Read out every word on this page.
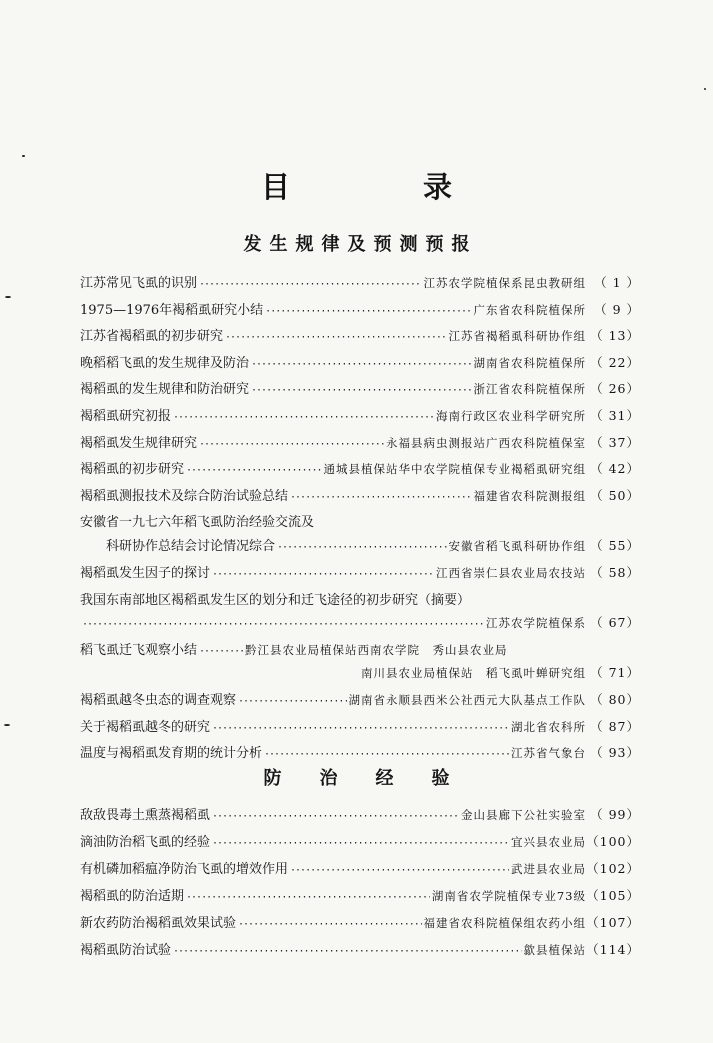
目　录
发生规律及预测预报
江苏常见飞虱的识别 ·····	江苏农学院植保系昆虫教研组 （ 1 ）
1975—1976年褐稻虱研究小结 ·····	广东省农科院植保所 （ 9 ）
江苏省褐稻虱的初步研究 ·····	江苏省褐稻虱科研协作组 （ 13）
晚稻稻飞虱的发生规律及防治 ·····	湖南省农科院植保所 （ 22）
褐稻虱的发生规律和防治研究 ·····	浙江省农科院植保所 （ 26）
褐稻虱研究初报 ·····	海南行政区农业科学研究所 （ 31）
褐稻虱发生规律研究 ·····	永福县病虫测报站广西农科院植保室 （ 37）
褐稻虱的初步研究 ·····	通城县植保站华中农学院植保专业褐稻虱研究组 （ 42）
褐稻虱测报技术及综合防治试验总结 ·····	福建省农科院测报组 （ 50）
安徽省一九七六年稻飞虱防治经验交流及
科研协作总结会讨论情况综合 ·····	安徽省稻飞虱科研协作组 （ 55）
褐稻虱发生因子的探讨 ·····	江西省崇仁县农业局农技站 （ 58）
我国东南部地区褐稻虱发生区的划分和迁飞途径的初步研究（摘要）
·····
江苏农学院植保系 （ 67）
稻飞虱迁飞观察小结 ·····	黔江县农业局植保站西南农学院　秀山县农业局
南川县农业局植保站　稻飞虱叶蝉研究组 （ 71）
褐稻虱越冬虫态的调查观察 ·····	湖南省永顺县西米公社西元大队基点工作队 （ 80）
关于褐稻虱越冬的研究 ·····	湖北省农科所 （ 87）
温度与褐稻虱发育期的统计分析 ·····	江苏省气象台 （ 93）
防治经验
敌敌畏毒土熏蒸褐稻虱 ·····	金山县廊下公社实验室 （ 99）
滴油防治稻飞虱的经验 ·····	宜兴县农业局 （100）
有机磷加稻瘟净防治飞虱的增效作用 ·····	武进县农业局 （102）
褐稻虱的防治适期 ·····	湖南省农学院植保专业73级 （105）
新农药防治褐稻虱效果试验 ·····	福建省农科院植保组农药小组 （107）
褐稻虱防治试验 ·····	歙县植保站 （114）
